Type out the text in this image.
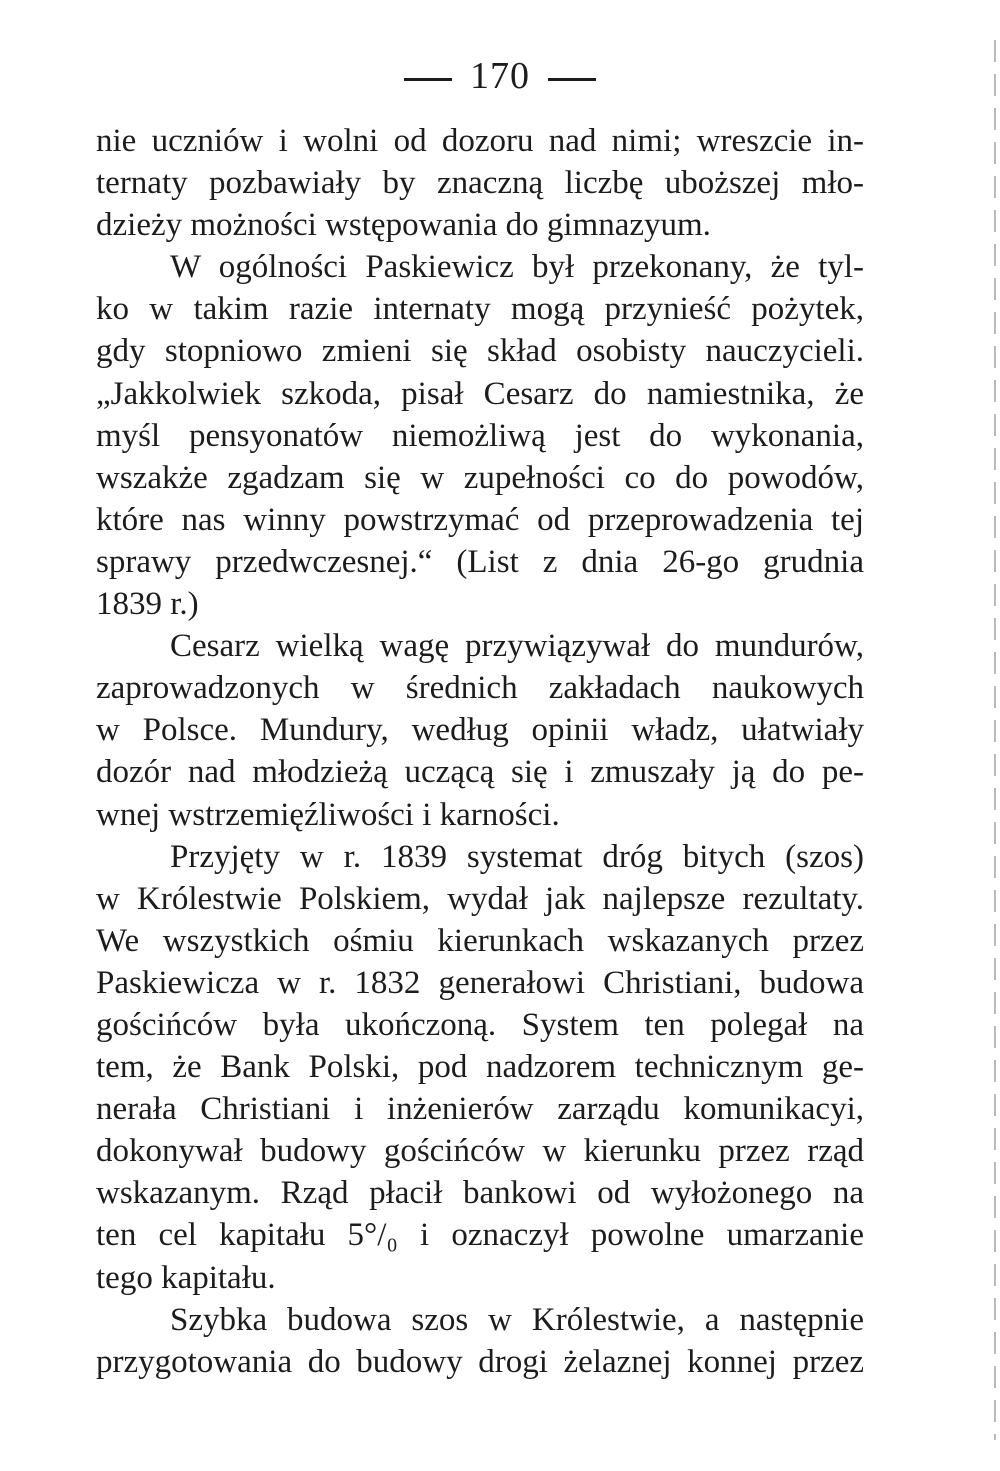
170
nie uczniów i wolni od dozoru nad nimi; wreszcie in-
ternaty pozbawiały by znaczną liczbę uboższej mło-
dzieży możności wstępowania do gimnazyum.
W ogólności Paskiewicz był przekonany, że tyl-
ko w takim razie internaty mogą przynieść pożytek,
gdy stopniowo zmieni się skład osobisty nauczycieli.
„Jakkolwiek szkoda, pisał Cesarz do namiestnika, że
myśl pensyonatów niemożliwą jest do wykonania,
wszakże zgadzam się w zupełności co do powodów,
które nas winny powstrzymać od przeprowadzenia tej
sprawy przedwczesnej.“ (List z dnia 26-go grudnia
1839 r.)
Cesarz wielką wagę przywiązywał do mundurów,
zaprowadzonych w średnich zakładach naukowych
w Polsce. Mundury, według opinii władz, ułatwiały
dozór nad młodzieżą uczącą się i zmuszały ją do pe-
wnej wstrzemięźliwości i karności.
Przyjęty w r. 1839 systemat dróg bitych (szos)
w Królestwie Polskiem, wydał jak najlepsze rezultaty.
We wszystkich ośmiu kierunkach wskazanych przez
Paskiewicza w r. 1832 generałowi Christiani, budowa
gościńców była ukończoną. System ten polegał na
tem, że Bank Polski, pod nadzorem technicznym ge-
nerała Christiani i inżenierów zarządu komunikacyi,
dokonywał budowy gościńców w kierunku przez rząd
wskazanym. Rząd płacił bankowi od wyłożonego na
ten cel kapitału 5°/₀ i oznaczył powolne umarzanie
tego kapitału.
Szybka budowa szos w Królestwie, a następnie
przygotowania do budowy drogi żelaznej konnej przez
